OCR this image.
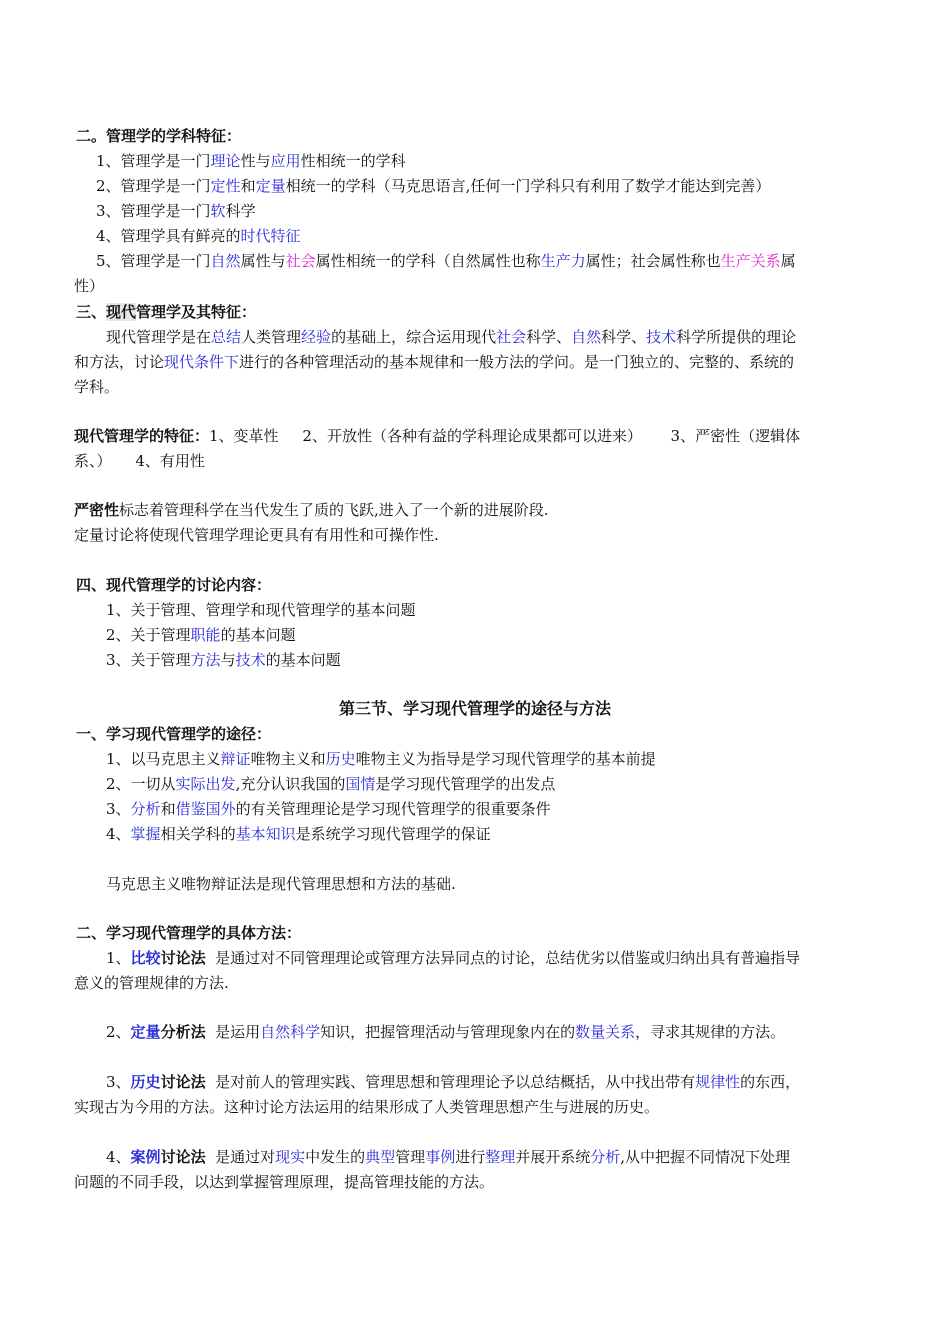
二。管理学的学科特征：
1、管理学是一门理论性与应用性相统一的学科
2、管理学是一门定性和定量相统一的学科（马克思语言,任何一门学科只有利用了数学才能达到完善）
3、管理学是一门软科学
4、管理学具有鲜亮的时代特征
5、管理学是一门自然属性与社会属性相统一的学科（自然属性也称生产力属性；社会属性称也生产关系属
性）
三、现代管理学及其特征：
现代管理学是在总结人类管理经验的基础上，综合运用现代社会科学、自然科学、技术科学所提供的理论
和方法，讨论现代条件下进行的各种管理活动的基本规律和一般方法的学问。是一门独立的、完整的、系统的
学科。
现代管理学的特征：1、变革性     2、开放性（各种有益的学科理论成果都可以进来）      3、严密性（逻辑体
系、）     4、有用性
严密性标志着管理科学在当代发生了质的飞跃,进入了一个新的进展阶段.
定量讨论将使现代管理学理论更具有有用性和可操作性.
四、现代管理学的讨论内容：
1、关于管理、管理学和现代管理学的基本问题
2、关于管理职能的基本问题
3、关于管理方法与技术的基本问题
第三节、学习现代管理学的途径与方法
一、学习现代管理学的途径：
1、以马克思主义辩证唯物主义和历史唯物主义为指导是学习现代管理学的基本前提
2、一切从实际出发,充分认识我国的国情是学习现代管理学的出发点
3、分析和借鉴国外的有关管理理论是学习现代管理学的很重要条件
4、掌握相关学科的基本知识是系统学习现代管理学的保证
马克思主义唯物辩证法是现代管理思想和方法的基础.
二、学习现代管理学的具体方法：
1、比较讨论法  是通过对不同管理理论或管理方法异同点的讨论，总结优劣以借鉴或归纳出具有普遍指导
意义的管理规律的方法.
2、定量分析法  是运用自然科学知识，把握管理活动与管理现象内在的数量关系，寻求其规律的方法。
3、历史讨论法  是对前人的管理实践、管理思想和管理理论予以总结概括，从中找出带有规律性的东西，
实现古为今用的方法。这种讨论方法运用的结果形成了人类管理思想产生与进展的历史。
4、案例讨论法  是通过对现实中发生的典型管理事例进行整理并展开系统分析,从中把握不同情况下处理
问题的不同手段，以达到掌握管理原理，提高管理技能的方法。
